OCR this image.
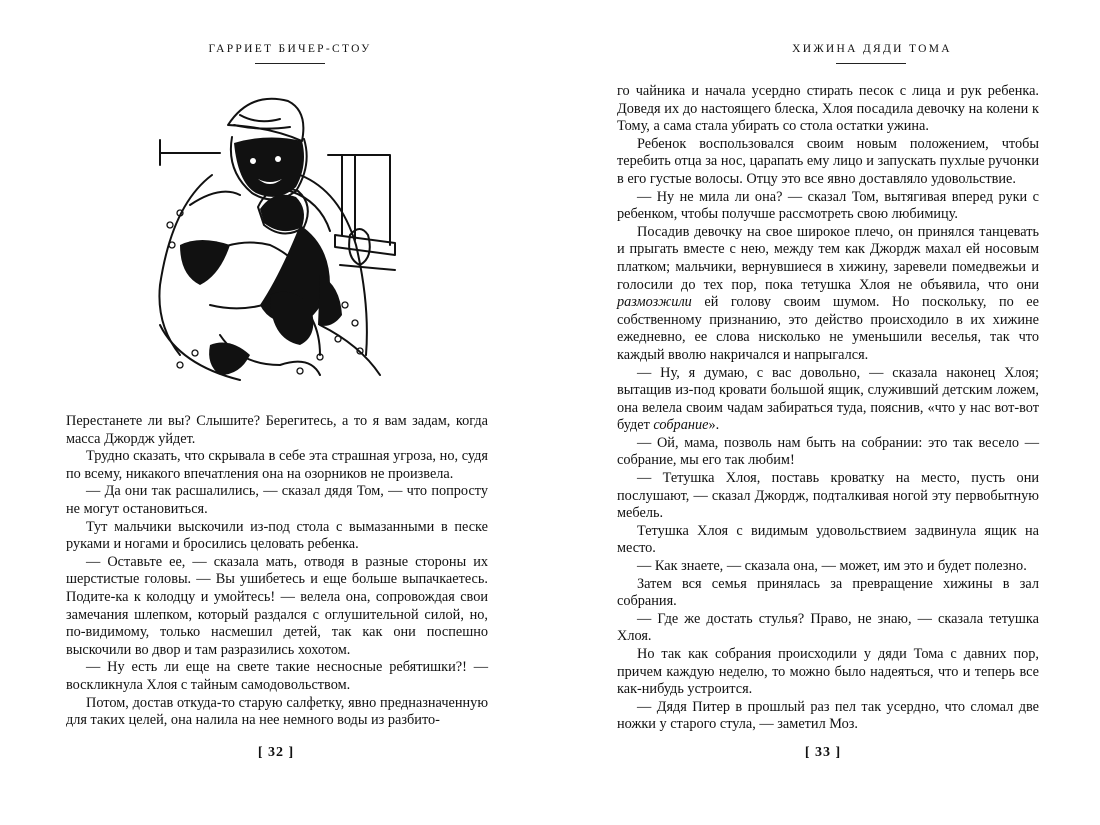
ГАРРИЕТ БИЧЕР-СТОУ

Перестанете ли вы? Слышите? Берегитесь, а то я вам задам, когда масса Джордж уйдет.

Трудно сказать, что скрывала в себе эта страшная угроза, но, судя по всему, никакого впечатления она на озорников не произвела.

— Да они так расшалились, — сказал дядя Том, — что попросту не могут остановиться.

Тут мальчики выскочили из-под стола с вымазанными в песке руками и ногами и бросились целовать ребенка.

— Оставьте ее, — сказала мать, отводя в разные стороны их шерстистые головы. — Вы ушибетесь и еще больше выпачкаетесь. Подите-ка к колодцу и умойтесь! — велела она, сопровождая свои замечания шлепком, который раздался с оглушительной силой, но, по-видимому, только насмешил детей, так как они поспешно выскочили во двор и там разразились хохотом.

— Ну есть ли еще на свете такие несносные ребятишки?! — воскликнула Хлоя с тайным самодовольством.

Потом, достав откуда-то старую салфетку, явно предназначенную для таких целей, она налила на нее немного воды из разбито-

[ 32 ]
ХИЖИНА ДЯДИ ТОМА

го чайника и начала усердно стирать песок с лица и рук ребенка. Доведя их до настоящего блеска, Хлоя посадила девочку на колени к Тому, а сама стала убирать со стола остатки ужина.

Ребенок воспользовался своим новым положением, чтобы теребить отца за нос, царапать ему лицо и запускать пухлые ручонки в его густые волосы. Отцу это все явно доставляло удовольствие.

— Ну не мила ли она? — сказал Том, вытягивая вперед руки с ребенком, чтобы получше рассмотреть свою любимицу.

Посадив девочку на свое широкое плечо, он принялся танцевать и прыгать вместе с нею, между тем как Джордж махал ей носовым платком; мальчики, вернувшиеся в хижину, заревели помедвежьи и голосили до тех пор, пока тетушка Хлоя не объявила, что они размозжили ей голову своим шумом. Но поскольку, по ее собственному признанию, это действо происходило в их хижине ежедневно, ее слова нисколько не уменьшили веселья, так что каждый вволю накричался и напрыгался.

— Ну, я думаю, с вас довольно, — сказала наконец Хлоя; вытащив из-под кровати большой ящик, служивший детским ложем, она велела своим чадам забираться туда, пояснив, «что у нас вот-вот будет собрание».

— Ой, мама, позволь нам быть на собрании: это так весело — собрание, мы его так любим!

— Тетушка Хлоя, поставь кроватку на место, пусть они послушают, — сказал Джордж, подталкивая ногой эту первобытную мебель.

Тетушка Хлоя с видимым удовольствием задвинула ящик на место.

— Как знаете, — сказала она, — может, им это и будет полезно.

Затем вся семья принялась за превращение хижины в зал собрания.

— Где же достать стулья? Право, не знаю, — сказала тетушка Хлоя.

Но так как собрания происходили у дяди Тома с давних пор, причем каждую неделю, то можно было надеяться, что и теперь все как-нибудь устроится.

— Дядя Питер в прошлый раз пел так усердно, что сломал две ножки у старого стула, — заметил Моз.

[ 33 ]
